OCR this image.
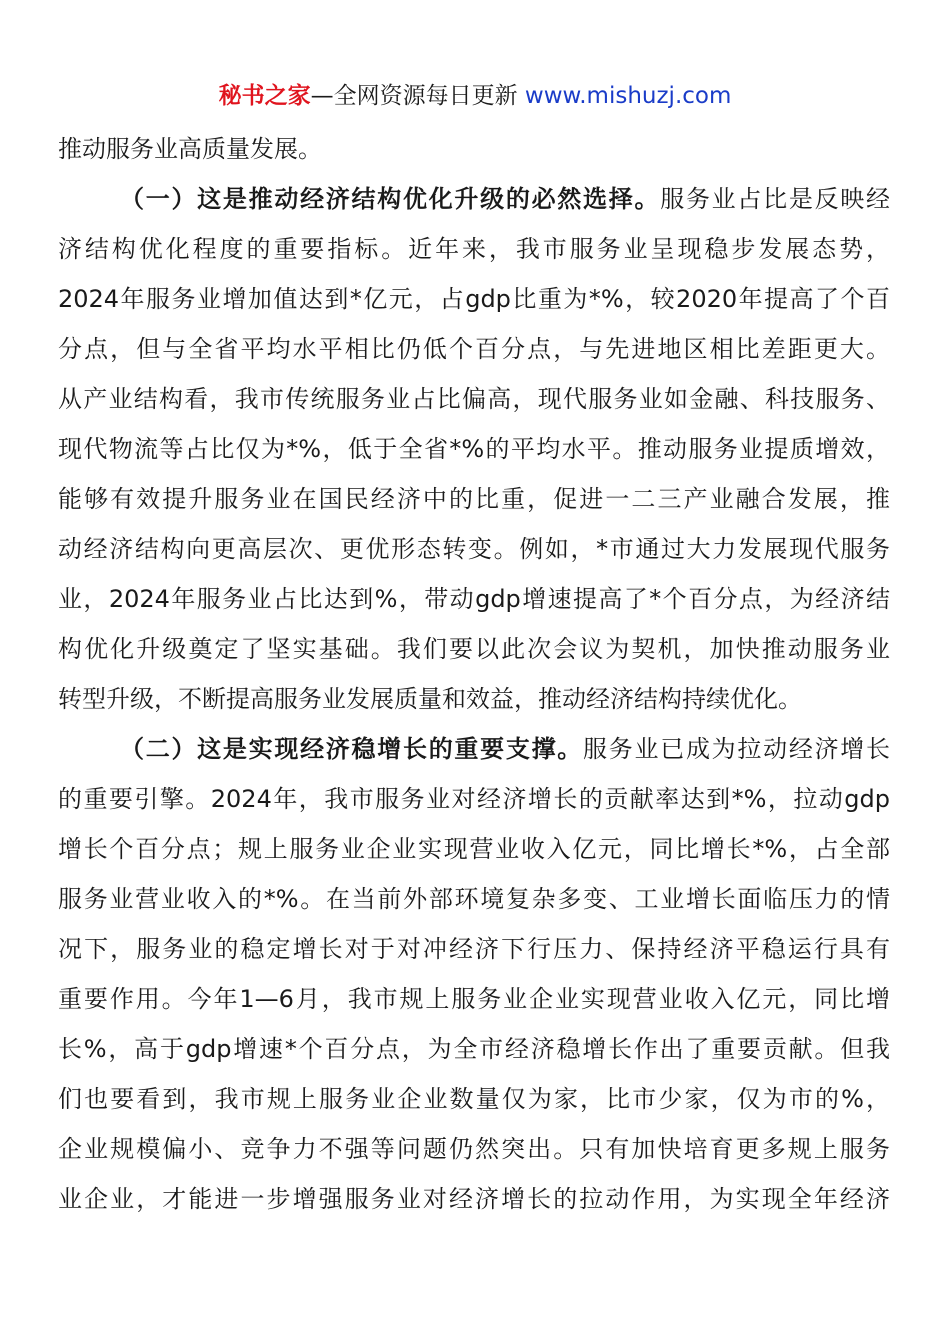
秘书之家—全网资源每日更新 www.mishuzj.com
推动服务业高质量发展。
（一）这是推动经济结构优化升级的必然选择。服务业占比是反映经
济结构优化程度的重要指标。近年来，我市服务业呈现稳步发展态势，
2024年服务业增加值达到*亿元，占gdp比重为*%，较2020年提高了个百
分点，但与全省平均水平相比仍低个百分点，与先进地区相比差距更大。
从产业结构看，我市传统服务业占比偏高，现代服务业如金融、科技服务、
现代物流等占比仅为*%，低于全省*%的平均水平。推动服务业提质增效，
能够有效提升服务业在国民经济中的比重，促进一二三产业融合发展，推
动经济结构向更高层次、更优形态转变。例如，*市通过大力发展现代服务
业，2024年服务业占比达到%，带动gdp增速提高了*个百分点，为经济结
构优化升级奠定了坚实基础。我们要以此次会议为契机，加快推动服务业
转型升级，不断提高服务业发展质量和效益，推动经济结构持续优化。
（二）这是实现经济稳增长的重要支撑。服务业已成为拉动经济增长
的重要引擎。2024年，我市服务业对经济增长的贡献率达到*%，拉动gdp
增长个百分点；规上服务业企业实现营业收入亿元，同比增长*%，占全部
服务业营业收入的*%。在当前外部环境复杂多变、工业增长面临压力的情
况下，服务业的稳定增长对于对冲经济下行压力、保持经济平稳运行具有
重要作用。今年1—6月，我市规上服务业企业实现营业收入亿元，同比增
长%，高于gdp增速*个百分点，为全市经济稳增长作出了重要贡献。但我
们也要看到，我市规上服务业企业数量仅为家，比市少家，仅为市的%，
企业规模偏小、竞争力不强等问题仍然突出。只有加快培育更多规上服务
业企业，才能进一步增强服务业对经济增长的拉动作用，为实现全年经济
